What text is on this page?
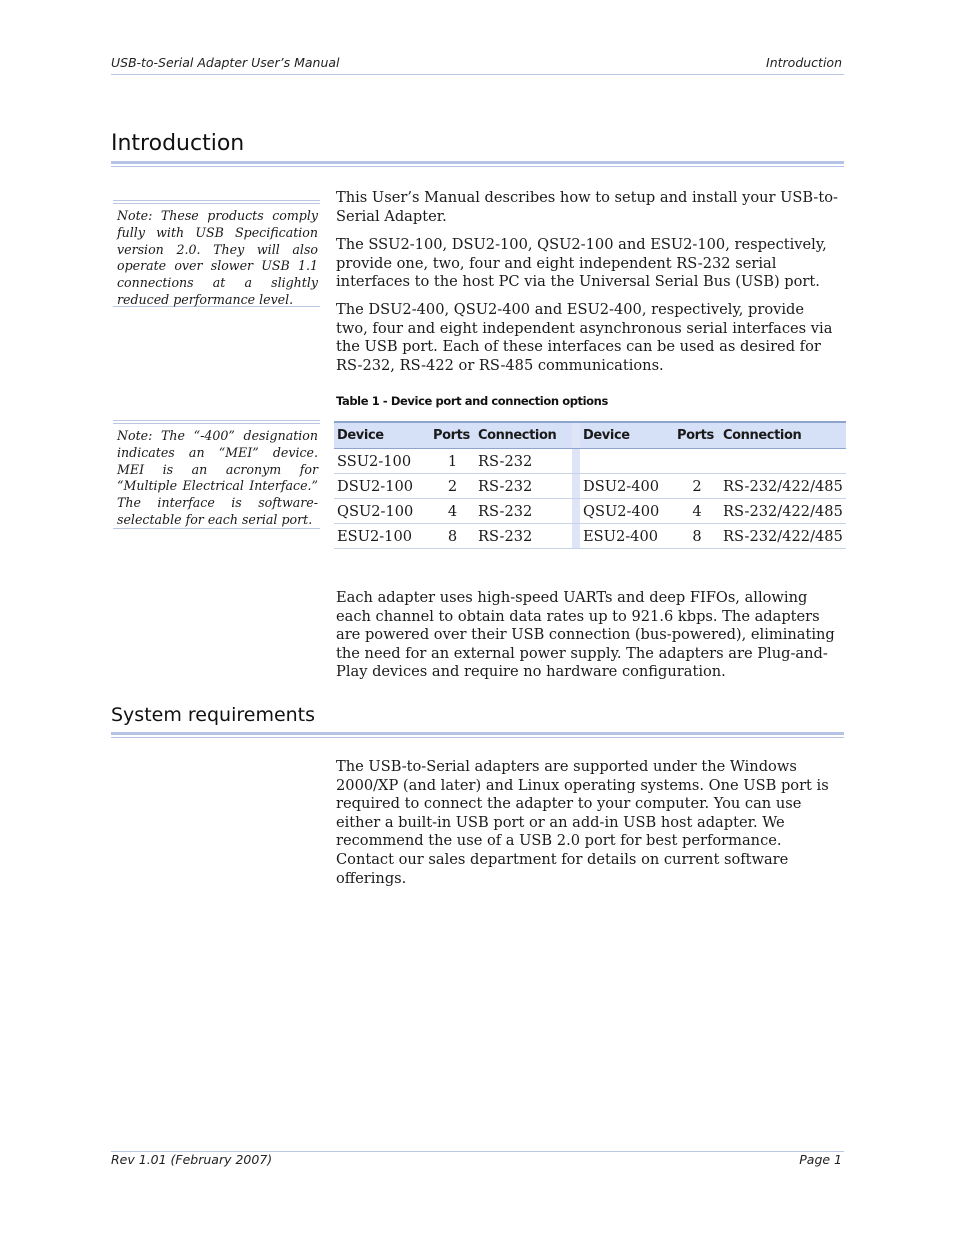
USB-to-Serial Adapter User’s Manual	Introduction
Introduction
Note: These products comply fully with USB Specification version 2.0. They will also operate over slower USB 1.1 connections at a slightly reduced performance level.
Note: The “-400” designation indicates an “MEI” device. MEI is an acronym for “Multiple Electrical Interface.” The interface is software-selectable for each serial port.
This User’s Manual describes how to setup and install your USB-to-Serial Adapter.
The SSU2-100, DSU2-100, QSU2-100 and ESU2-100, respectively, provide one, two, four and eight independent RS-232 serial interfaces to the host PC via the Universal Serial Bus (USB) port.
The DSU2-400, QSU2-400 and ESU2-400, respectively, provide two, four and eight independent asynchronous serial interfaces via the USB port. Each of these interfaces can be used as desired for RS-232, RS-422 or RS-485 communications.
Table 1 - Device port and connection options
Device	Ports	Connection		Device	Ports	Connection
SSU2-100	1	RS-232				
DSU2-100	2	RS-232		DSU2-400	2	RS-232/422/485
QSU2-100	4	RS-232		QSU2-400	4	RS-232/422/485
ESU2-100	8	RS-232		ESU2-400	8	RS-232/422/485
Each adapter uses high-speed UARTs and deep FIFOs, allowing each channel to obtain data rates up to 921.6 kbps. The adapters are powered over their USB connection (bus-powered), eliminating the need for an external power supply. The adapters are Plug-and-Play devices and require no hardware configuration.
System requirements
The USB-to-Serial adapters are supported under the Windows 2000/XP (and later) and Linux operating systems. One USB port is required to connect the adapter to your computer. You can use either a built-in USB port or an add-in USB host adapter. We recommend the use of a USB 2.0 port for best performance. Contact our sales department for details on current software offerings.
Rev 1.01 (February 2007)	Page 1
